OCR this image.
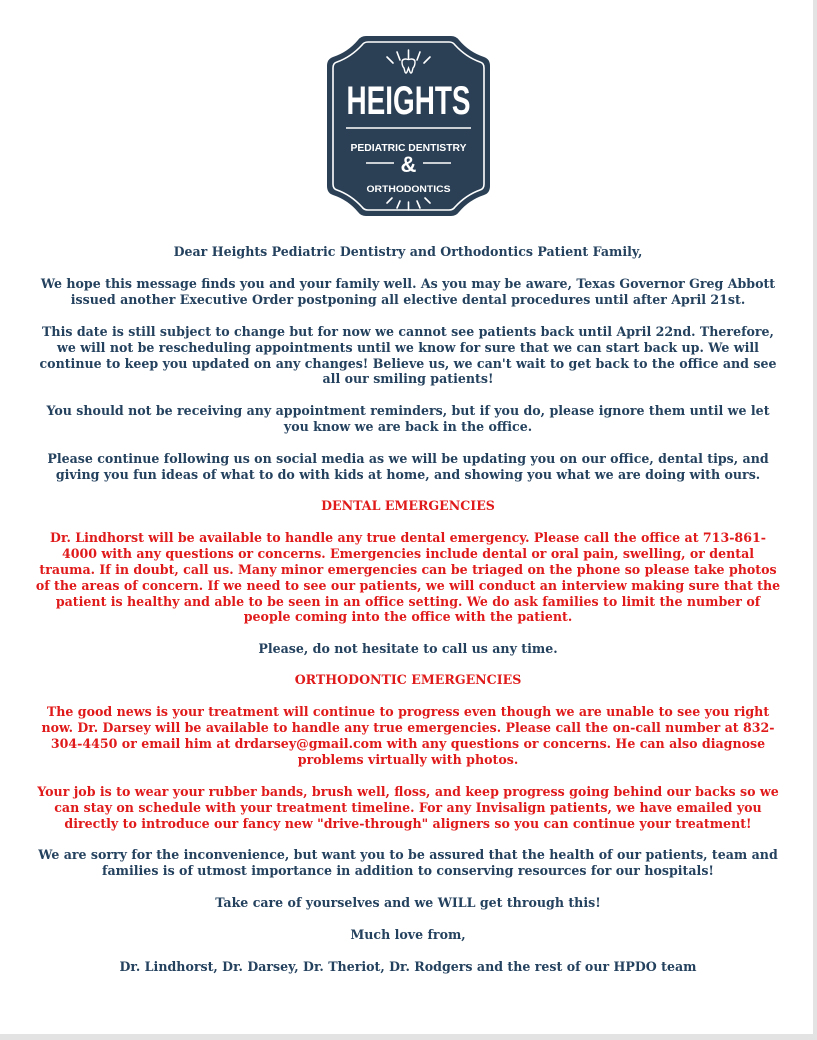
HEIGHTS
PEDIATRIC DENTISTRY
&
ORTHODONTICS

Dear Heights Pediatric Dentistry and Orthodontics Patient Family,

We hope this message finds you and your family well. As you may be aware, Texas Governor Greg Abbott issued another Executive Order postponing all elective dental procedures until after April 21st.

This date is still subject to change but for now we cannot see patients back until April 22nd. Therefore, we will not be rescheduling appointments until we know for sure that we can start back up. We will continue to keep you updated on any changes! Believe us, we can't wait to get back to the office and see all our smiling patients!

You should not be receiving any appointment reminders, but if you do, please ignore them until we let you know we are back in the office.

Please continue following us on social media as we will be updating you on our office, dental tips, and giving you fun ideas of what to do with kids at home, and showing you what we are doing with ours.

DENTAL EMERGENCIES

Dr. Lindhorst will be available to handle any true dental emergency. Please call the office at 713-861-4000 with any questions or concerns. Emergencies include dental or oral pain, swelling, or dental trauma. If in doubt, call us. Many minor emergencies can be triaged on the phone so please take photos of the areas of concern. If we need to see our patients, we will conduct an interview making sure that the patient is healthy and able to be seen in an office setting. We do ask families to limit the number of people coming into the office with the patient.

Please, do not hesitate to call us any time.

ORTHODONTIC EMERGENCIES

The good news is your treatment will continue to progress even though we are unable to see you right now. Dr. Darsey will be available to handle any true emergencies. Please call the on-call number at 832-304-4450 or email him at drdarsey@gmail.com with any questions or concerns. He can also diagnose problems virtually with photos.

Your job is to wear your rubber bands, brush well, floss, and keep progress going behind our backs so we can stay on schedule with your treatment timeline. For any Invisalign patients, we have emailed you directly to introduce our fancy new "drive-through" aligners so you can continue your treatment!

We are sorry for the inconvenience, but want you to be assured that the health of our patients, team and families is of utmost importance in addition to conserving resources for our hospitals!

Take care of yourselves and we WILL get through this!

Much love from,

Dr. Lindhorst, Dr. Darsey, Dr. Theriot, Dr. Rodgers and the rest of our HPDO team
